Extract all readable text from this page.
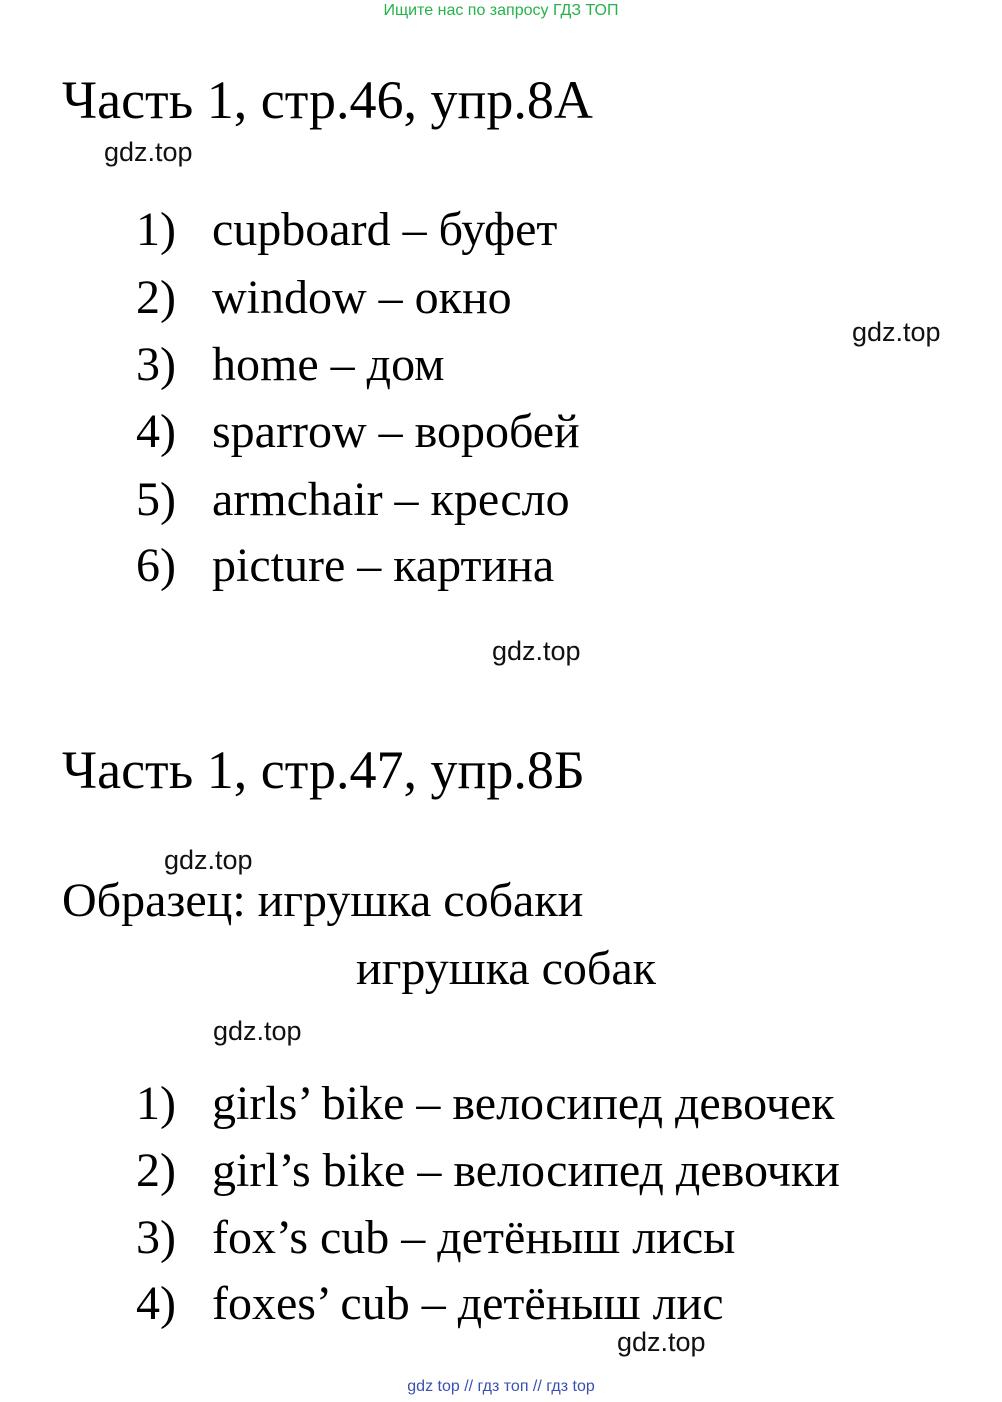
Ищите нас по запросу ГДЗ ТОП
Часть 1, стр.46, упр.8А
gdz.top
1) cupboard – буфет
2) window – окно
gdz.top
3) home – дом
4) sparrow – воробей
5) armchair – кресло
6) picture – картина
gdz.top
Часть 1, стр.47, упр.8Б
gdz.top
Образец: игрушка собаки
игрушка собак
gdz.top
1) girls’ bike – велосипед девочек
2) girl’s bike – велосипед девочки
3) fox’s cub – детёныш лисы
4) foxes’ cub – детёныш лис
gdz.top
gdz top // гдз топ // гдз top
